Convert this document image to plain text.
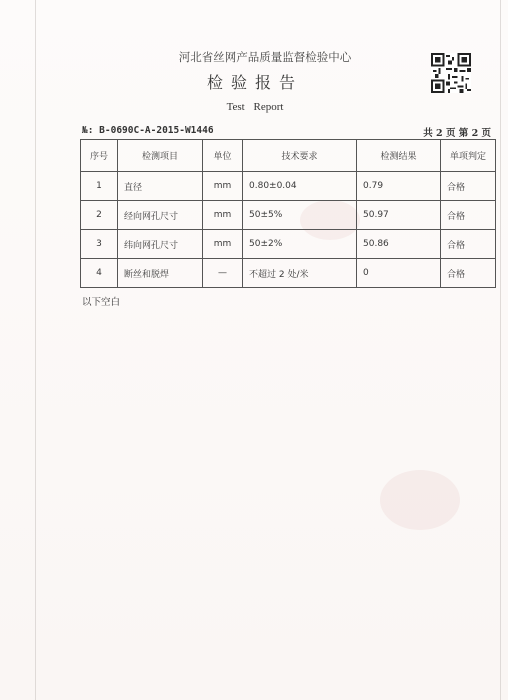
河北省丝网产品质量监督检验中心
检验报告
Test Report
№: B-0690C-A-2015-W1446	共 2 页 第 2 页
序号	检测项目	单位	技术要求	检测结果	单项判定
1	直径	mm	0.80±0.04	0.79	合格
2	经向网孔尺寸	mm	50±5%	50.97	合格
3	纬向网孔尺寸	mm	50±2%	50.86	合格
4	断丝和脱焊	—	不超过 2 处/米	0	合格
以下空白
